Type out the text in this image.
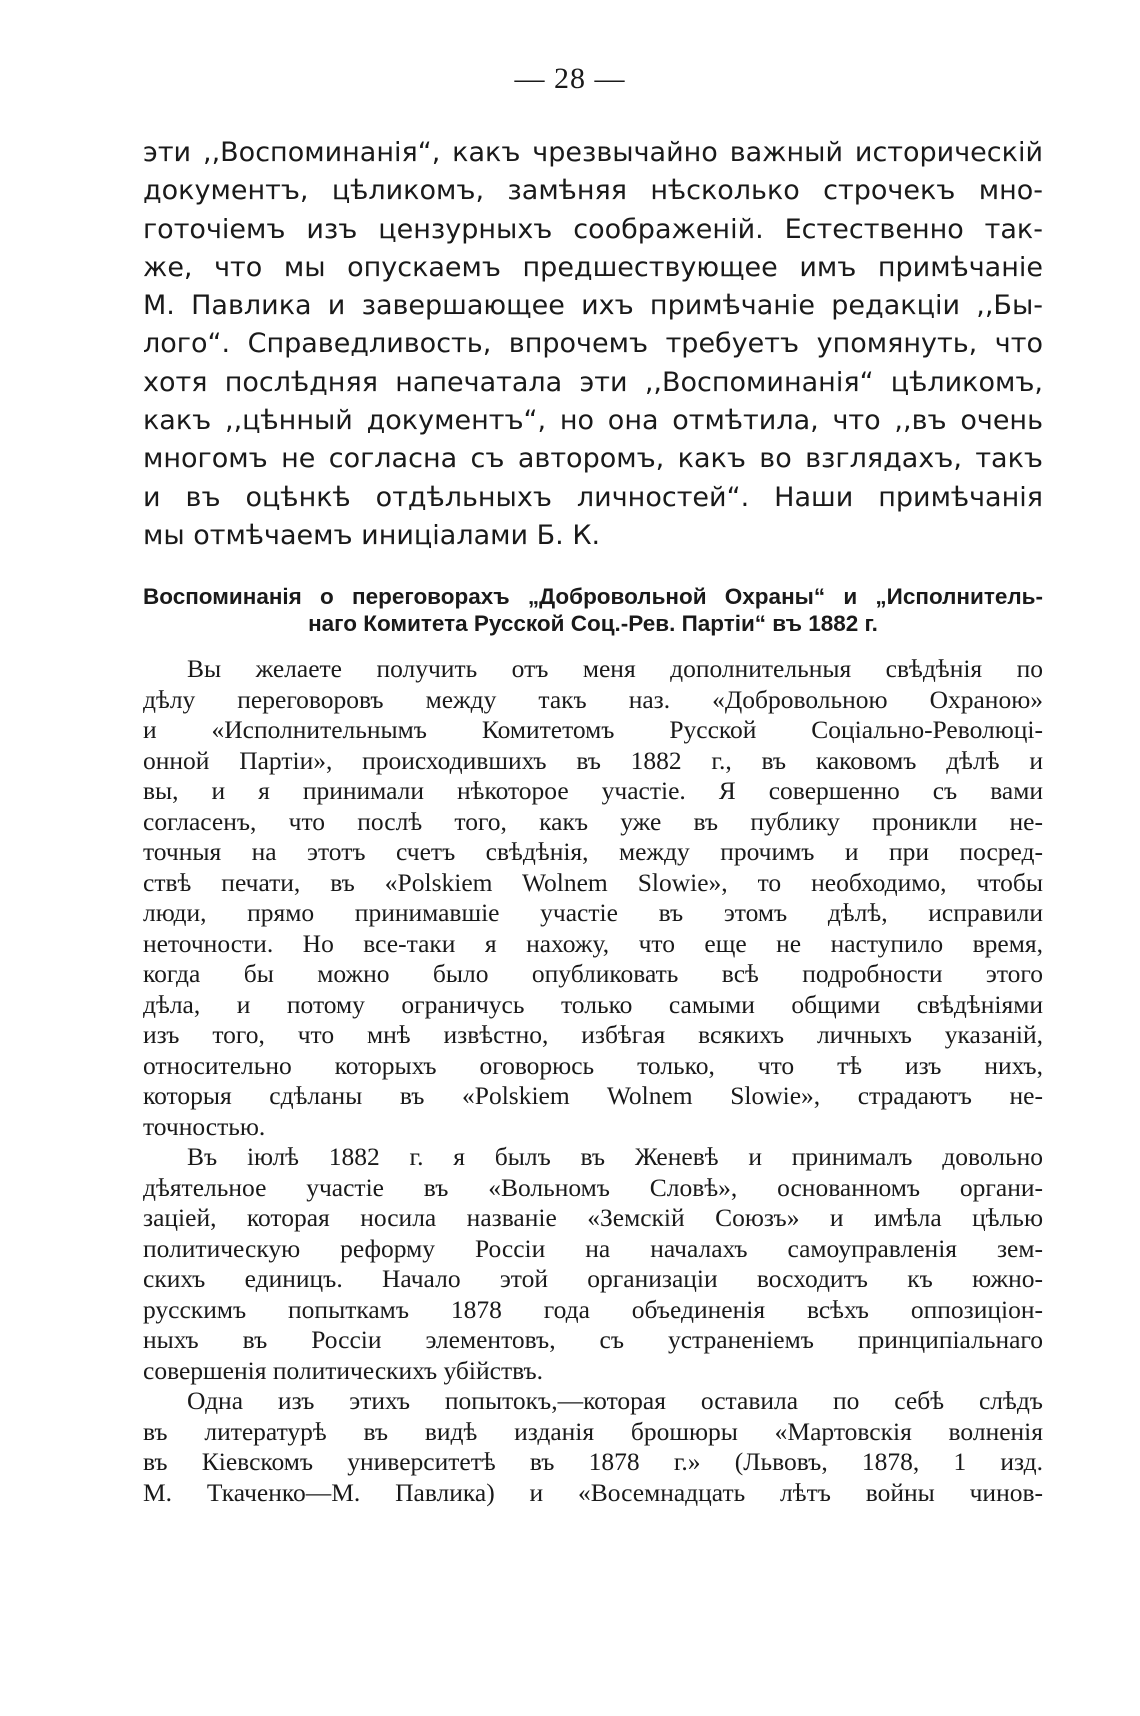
— 28 —
эти ,,Воспоминанія“, какъ чрезвычайно важный историческій
документъ, цѣликомъ, замѣняя нѣсколько строчекъ мно-
готочіемъ изъ цензурныхъ соображеній. Естественно так-
же, что мы опускаемъ предшествующее имъ примѣчаніе
М. Павлика и завершающее ихъ примѣчаніе редакціи ,,Бы-
лого“. Справедливость, впрочемъ требуетъ упомянуть, что
хотя послѣдняя напечатала эти ,,Воспоминанія“ цѣликомъ,
какъ ,,цѣнный документъ“, но она отмѣтила, что ,,въ очень
многомъ не согласна съ авторомъ, какъ во взглядахъ, такъ
и въ оцѣнкѣ отдѣльныхъ личностей“. Наши примѣчанія
мы отмѣчаемъ иниціалами Б. К.
Воспоминанія о переговорахъ „Добровольной Охраны“ и „Исполнитель-
наго Комитета Русской Соц.-Рев. Партіи“ въ 1882 г.
Вы желаете получить отъ меня дополнительныя свѣдѣнія по
дѣлу переговоровъ между такъ наз. «Добровольною Охраною»
и «Исполнительнымъ Комитетомъ Русской Соціально-Революці-
онной Партіи», происходившихъ въ 1882 г., въ каковомъ дѣлѣ и
вы, и я принимали нѣкоторое участіе. Я совершенно съ вами
согласенъ, что послѣ того, какъ уже въ публику проникли не-
точныя на этотъ счетъ свѣдѣнія, между прочимъ и при посред-
ствѣ печати, въ «Polskiem Wolnem Slowie», то необходимо, чтобы
люди, прямо принимавшіе участіе въ этомъ дѣлѣ, исправили
неточности. Но все-таки я нахожу, что еще не наступило время,
когда бы можно было опубликовать всѣ подробности этого
дѣла, и потому ограничусь только самыми общими свѣдѣніями
изъ того, что мнѣ извѣстно, избѣгая всякихъ личныхъ указаній,
относительно которыхъ оговорюсь только, что тѣ изъ нихъ,
которыя сдѣланы въ «Polskiem Wolnem Slowie», страдаютъ не-
точностью.
Въ іюлѣ 1882 г. я былъ въ Женевѣ и принималъ довольно
дѣятельное участіе въ «Вольномъ Словѣ», основанномъ органи-
заціей, которая носила названіе «Земскій Союзъ» и имѣла цѣлью
политическую реформу Россіи на началахъ самоуправленія зем-
скихъ единицъ. Начало этой организаціи восходитъ къ южно-
русскимъ попыткамъ 1878 года объединенія всѣхъ оппозиціон-
ныхъ въ Россіи элементовъ, съ устраненіемъ принципіальнаго
совершенія политическихъ убійствъ.
Одна изъ этихъ попытокъ,—которая оставила по себѣ слѣдъ
въ литературѣ въ видѣ изданія брошюры «Мартовскія волненія
въ Кіевскомъ университетѣ въ 1878 г.» (Львовъ, 1878, 1 изд.
М. Ткаченко—М. Павлика) и «Восемнадцать лѣтъ войны чинов-
